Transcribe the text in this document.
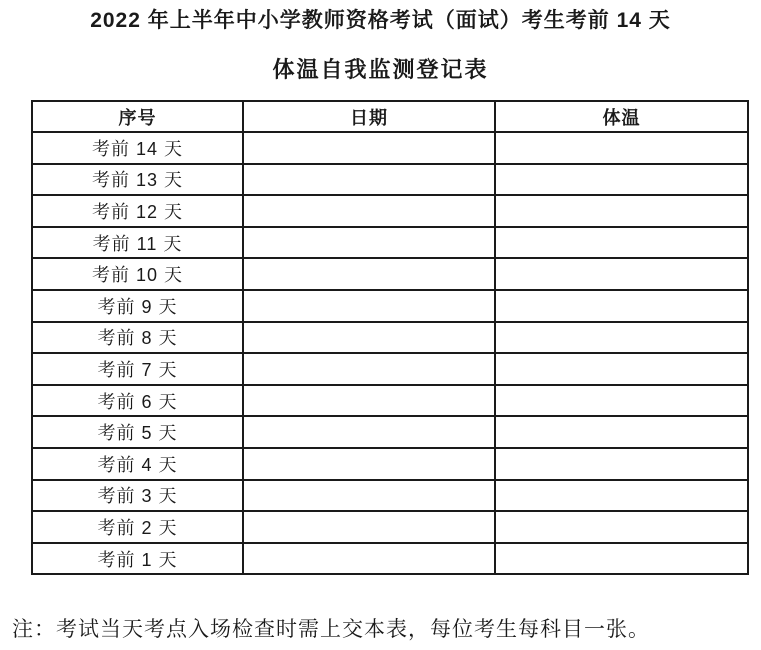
2022 年上半年中小学教师资格考试（面试）考生考前 14 天
体温自我监测登记表
序号	日期	体温
考前 14 天		
考前 13 天		
考前 12 天		
考前 11 天		
考前 10 天		
考前 9 天		
考前 8 天		
考前 7 天		
考前 6 天		
考前 5 天		
考前 4 天		
考前 3 天		
考前 2 天		
考前 1 天		
注：考试当天考点入场检查时需上交本表，每位考生每科目一张。
